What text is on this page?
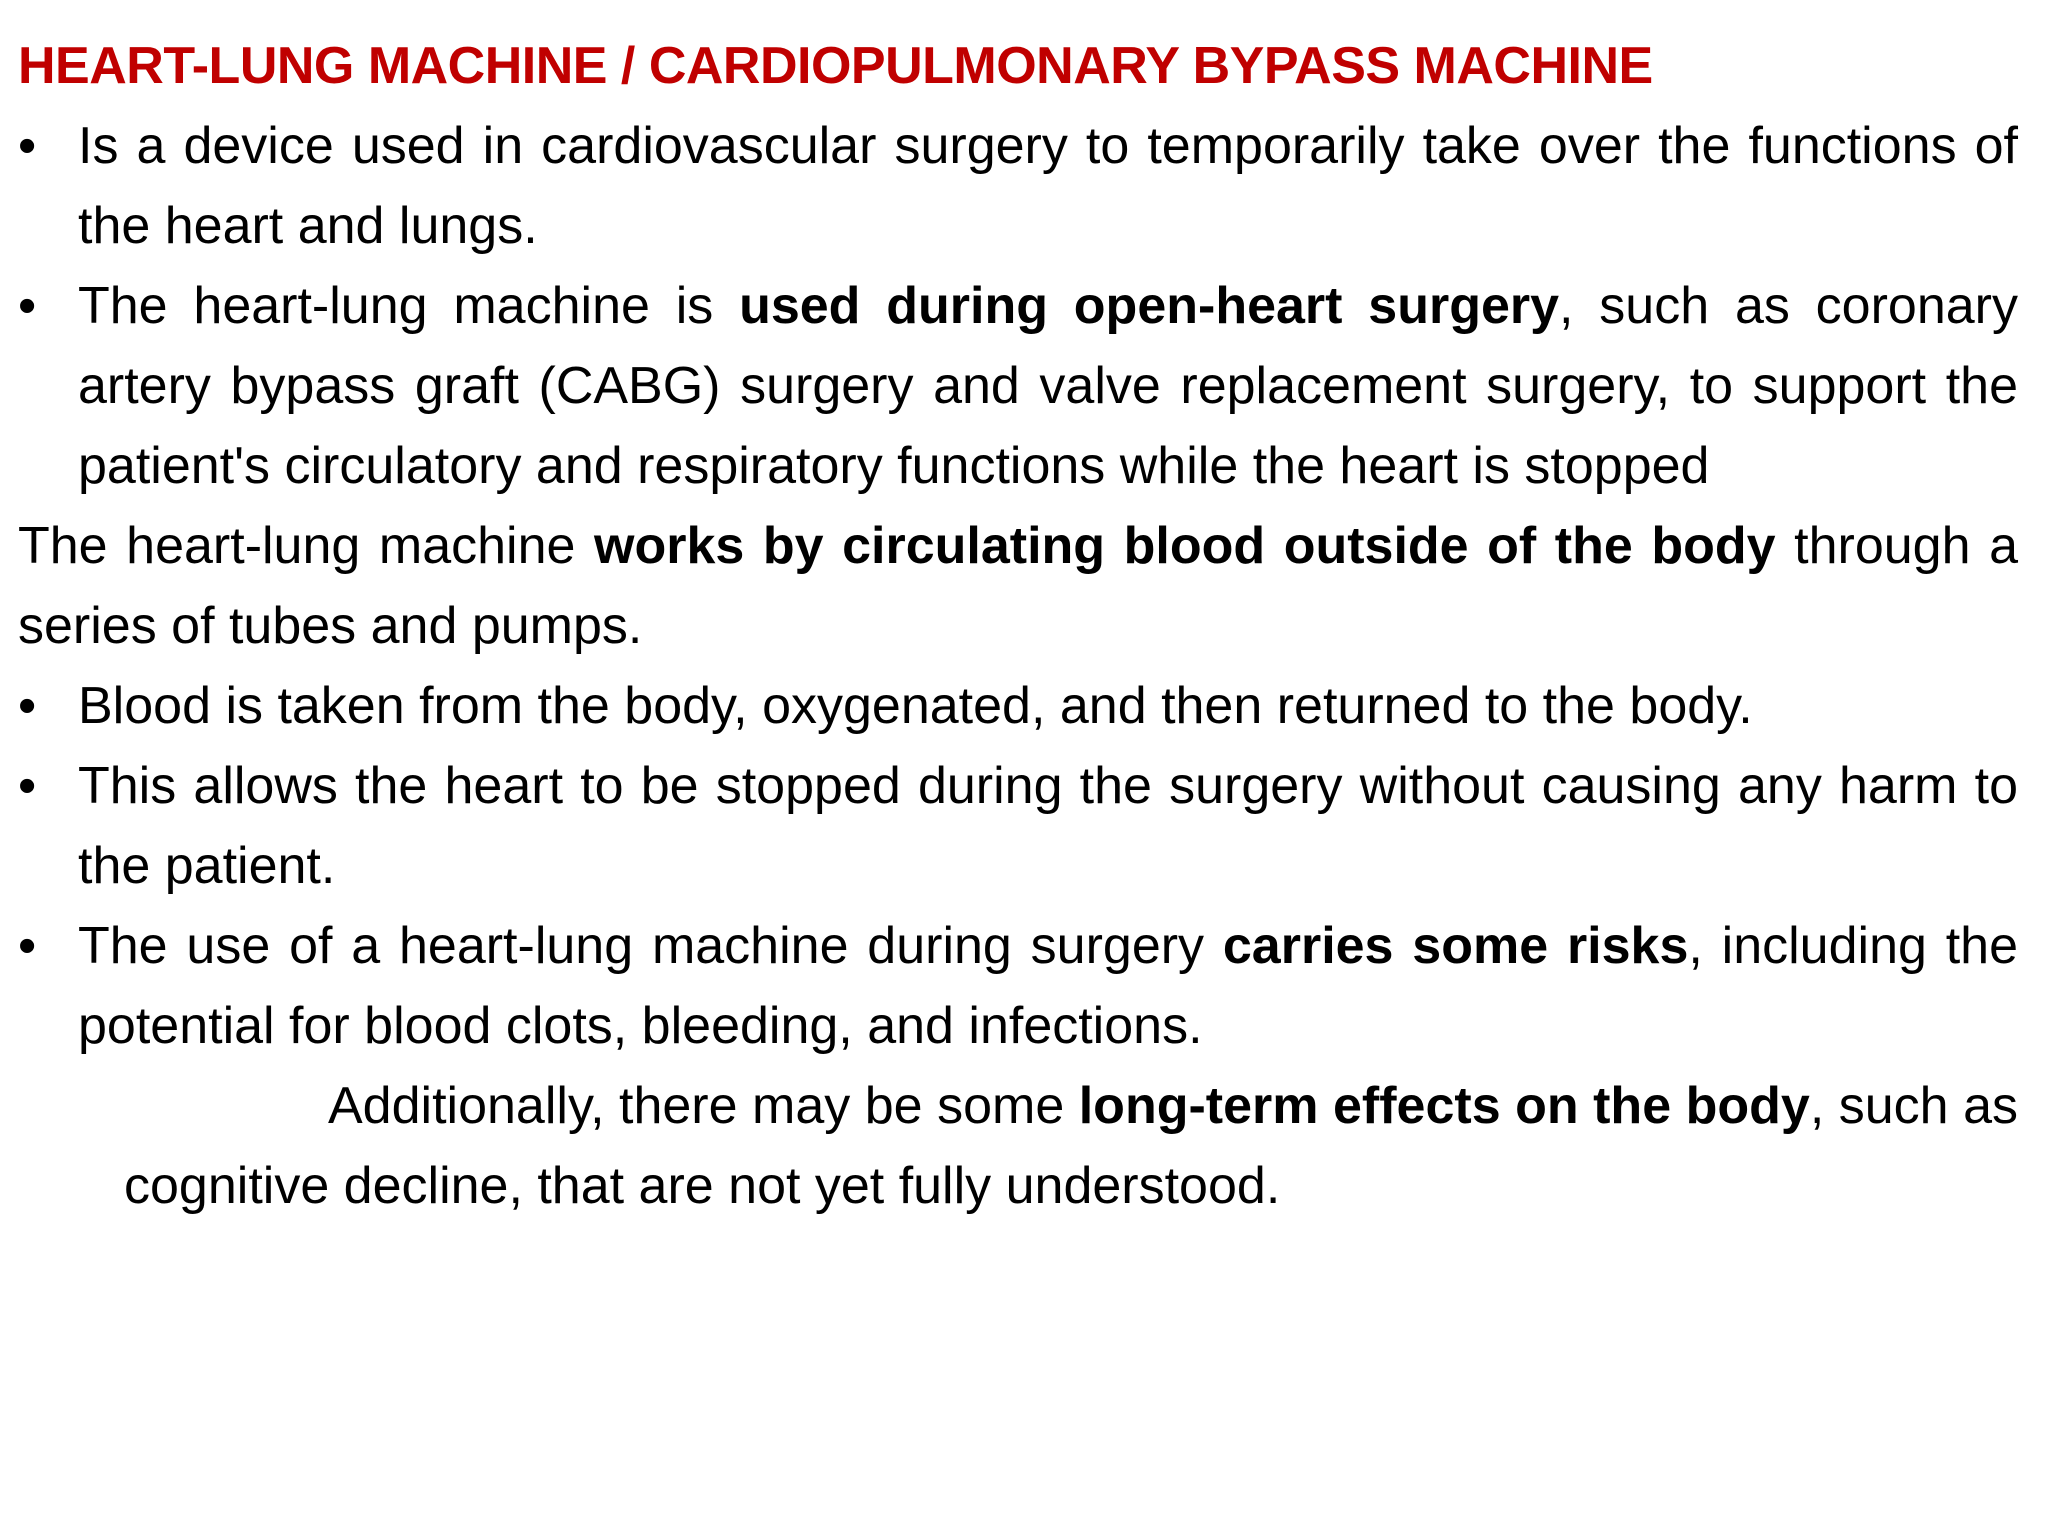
HEART-LUNG MACHINE / CARDIOPULMONARY BYPASS MACHINE
• Is a device used in cardiovascular surgery to temporarily take over the functions of the heart and lungs.
• The heart-lung machine is used during open-heart surgery, such as coronary artery bypass graft (CABG) surgery and valve replacement surgery, to support the patient's circulatory and respiratory functions while the heart is stopped
The heart-lung machine works by circulating blood outside of the body through a series of tubes and pumps.
• Blood is taken from the body, oxygenated, and then returned to the body.
• This allows the heart to be stopped during the surgery without causing any harm to the patient.
• The use of a heart-lung machine during surgery carries some risks, including the potential for blood clots, bleeding, and infections.
Additionally, there may be some long-term effects on the body, such as cognitive decline, that are not yet fully understood.
